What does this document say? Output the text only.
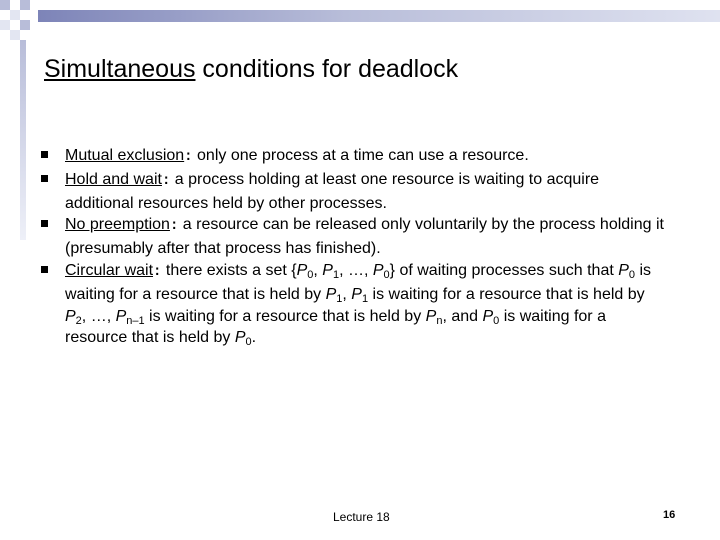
Simultaneous conditions for deadlock
Mutual exclusion: only one process at a time can use a resource.
Hold and wait: a process holding at least one resource is waiting to acquire additional resources held by other processes.
No preemption: a resource can be released only voluntarily by the process holding it (presumably after that process has finished).
Circular wait: there exists a set {$P_0$, $P_1$, …, $P_0$} of waiting processes such that $P_0$ is waiting for a resource that is held by $P_1$, $P_1$ is waiting for a resource that is held by $P_2$, …, $P_{n-1}$ is waiting for a resource that is held by $P_n$, and $P_0$ is waiting for a resource that is held by $P_0$.
Lecture 18	16
